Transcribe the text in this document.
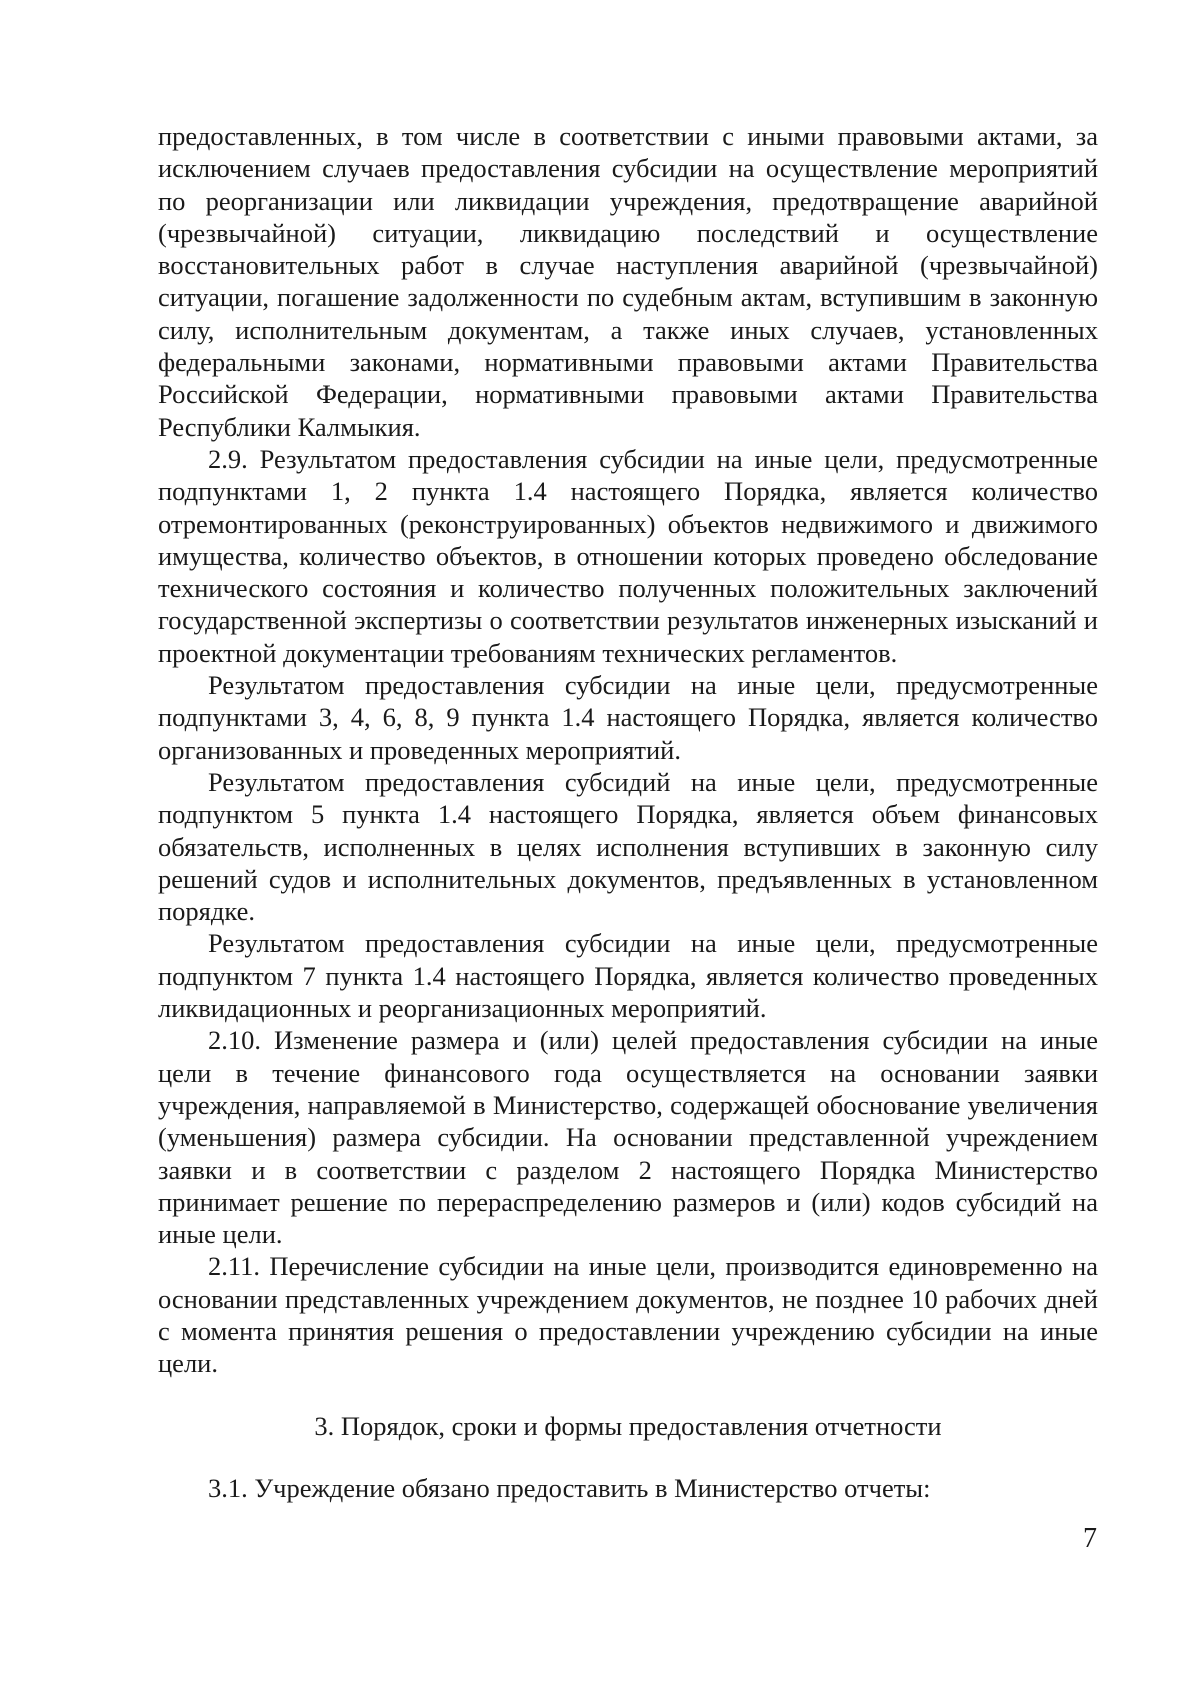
предоставленных, в том числе в соответствии с иными правовыми актами, за исключением случаев предоставления субсидии на осуществление мероприятий по реорганизации или ликвидации учреждения, предотвращение аварийной (чрезвычайной) ситуации, ликвидацию последствий и осуществление восстановительных работ в случае наступления аварийной (чрезвычайной) ситуации, погашение задолженности по судебным актам, вступившим в законную силу, исполнительным документам, а также иных случаев, установленных федеральными законами, нормативными правовыми актами Правительства Российской Федерации, нормативными правовыми актами Правительства Республики Калмыкия.

2.9. Результатом предоставления субсидии на иные цели, предусмотренные подпунктами 1, 2 пункта 1.4 настоящего Порядка, является количество отремонтированных (реконструированных) объектов недвижимого и движимого имущества, количество объектов, в отношении которых проведено обследование технического состояния и количество полученных положительных заключений государственной экспертизы о соответствии результатов инженерных изысканий и проектной документации требованиям технических регламентов.

Результатом предоставления субсидии на иные цели, предусмотренные подпунктами 3, 4, 6, 8, 9 пункта 1.4 настоящего Порядка, является количество организованных и проведенных мероприятий.

Результатом предоставления субсидий на иные цели, предусмотренные подпунктом 5 пункта 1.4 настоящего Порядка, является объем финансовых обязательств, исполненных в целях исполнения вступивших в законную силу решений судов и исполнительных документов, предъявленных в установленном порядке.

Результатом предоставления субсидии на иные цели, предусмотренные подпунктом 7 пункта 1.4 настоящего Порядка, является количество проведенных ликвидационных и реорганизационных мероприятий.

2.10. Изменение размера и (или) целей предоставления субсидии на иные цели в течение финансового года осуществляется на основании заявки учреждения, направляемой в Министерство, содержащей обоснование увеличения (уменьшения) размера субсидии. На основании представленной учреждением заявки и в соответствии с разделом 2 настоящего Порядка Министерство принимает решение по перераспределению размеров и (или) кодов субсидий на иные цели.

2.11. Перечисление субсидии на иные цели, производится единовременно на основании представленных учреждением документов, не позднее 10 рабочих дней с момента принятия решения о предоставлении учреждению субсидии на иные цели.

3. Порядок, сроки и формы предоставления отчетности

3.1. Учреждение обязано предоставить в Министерство отчеты:

7
